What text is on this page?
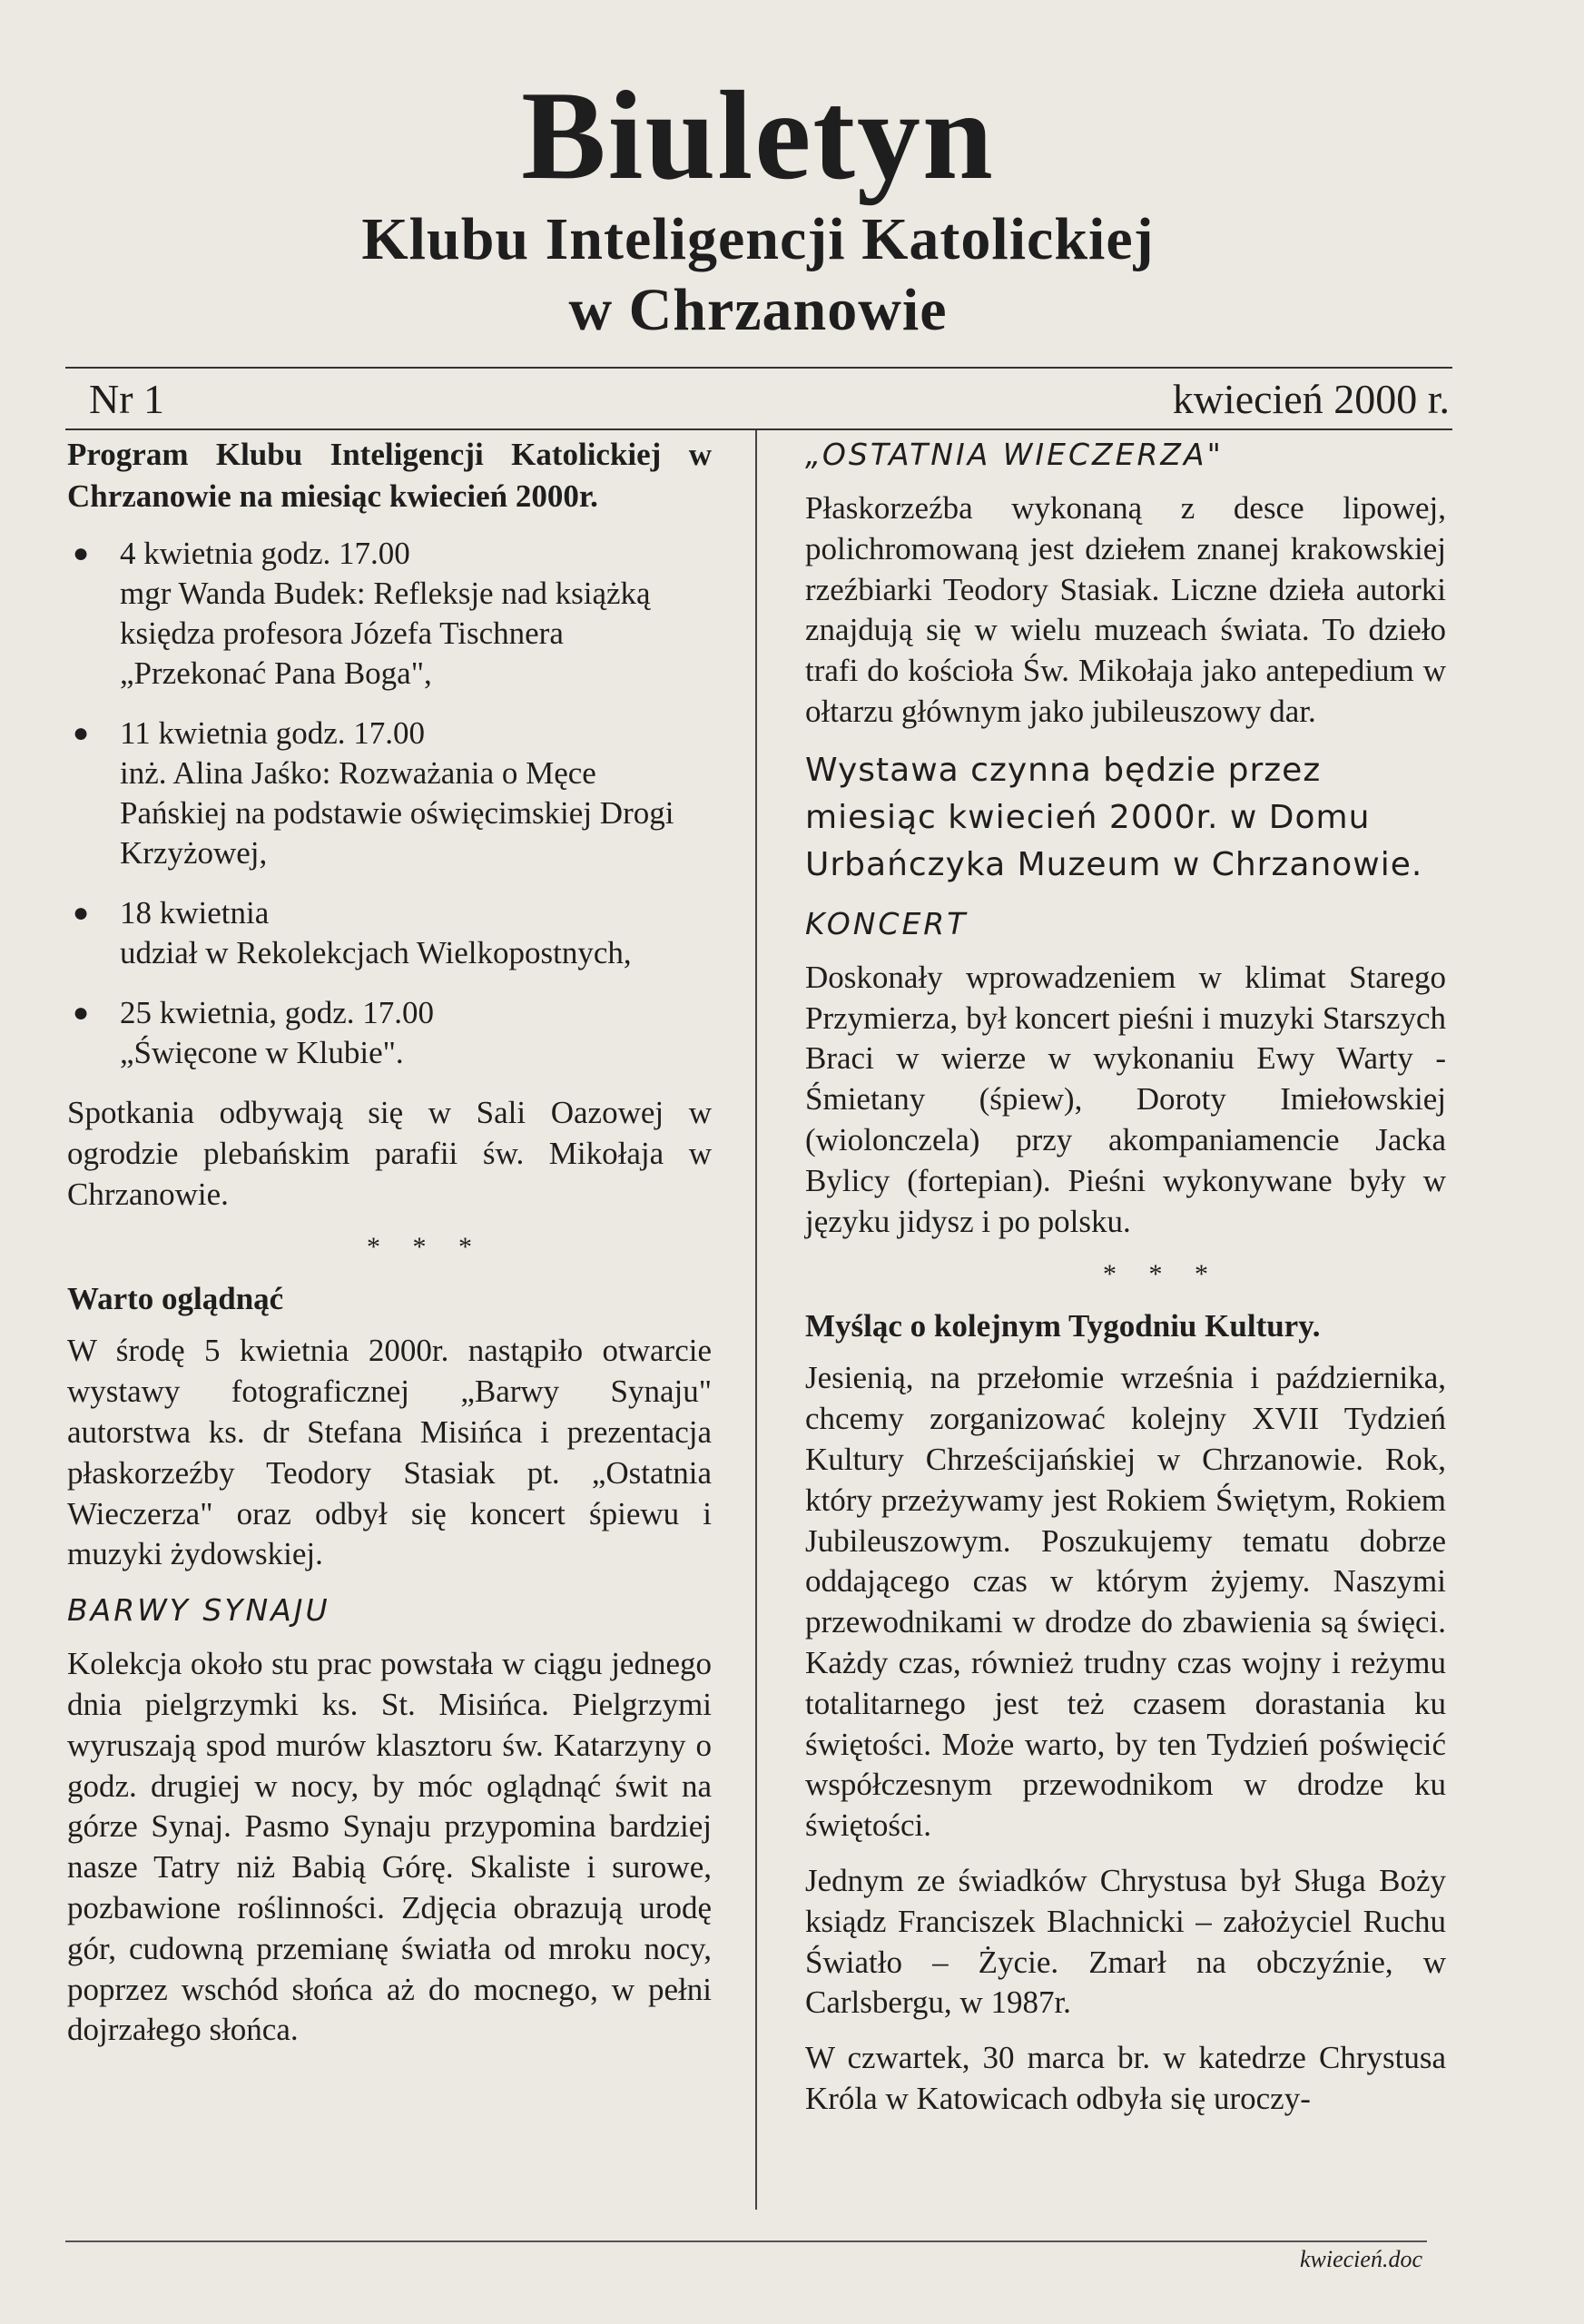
Biuletyn
Klubu Inteligencji Katolickiej
w Chrzanowie
Nr 1	kwiecień 2000 r.
Program Klubu Inteligencji Katolickiej w Chrzanowie na miesiąc kwiecień 2000r.
● 4 kwietnia godz. 17.00
mgr Wanda Budek: Refleksje nad książką księdza profesora Józefa Tischnera „Przekonać Pana Boga",
● 11 kwietnia godz. 17.00
inż. Alina Jaśko: Rozważania o Męce Pańskiej na podstawie oświęcimskiej Drogi Krzyżowej,
● 18 kwietnia
udział w Rekolekcjach Wielkopostnych,
● 25 kwietnia, godz. 17.00
„Święcone w Klubie".
Spotkania odbywają się w Sali Oazowej w ogrodzie plebańskim parafii św. Mikołaja w Chrzanowie.
* * *
Warto oglądnąć
W środę 5 kwietnia 2000r. nastąpiło otwarcie wystawy fotograficznej „Barwy Synaju" autorstwa ks. dr Stefana Misińca i prezentacja płaskorzeźby Teodory Stasiak pt. „Ostatnia Wieczerza" oraz odbył się koncert śpiewu i muzyki żydowskiej.
BARWY SYNAJU
Kolekcja około stu prac powstała w ciągu jednego dnia pielgrzymki ks. St. Misińca. Pielgrzymi wyruszają spod murów klasztoru św. Katarzyny o godz. drugiej w nocy, by móc oglądnąć świt na górze Synaj. Pasmo Synaju przypomina bardziej nasze Tatry niż Babią Górę. Skaliste i surowe, pozbawione roślinności. Zdjęcia obrazują urodę gór, cudowną przemianę światła od mroku nocy, poprzez wschód słońca aż do mocnego, w pełni dojrzałego słońca.
„OSTATNIA WIECZERZA"
Płaskorzeźba wykonaną z desce lipowej, polichromowaną jest dziełem znanej krakowskiej rzeźbiarki Teodory Stasiak. Liczne dzieła autorki znajdują się w wielu muzeach świata. To dzieło trafi do kościoła Św. Mikołaja jako antepedium w ołtarzu głównym jako jubileuszowy dar.
Wystawa czynna będzie przez miesiąc kwiecień 2000r. w Domu Urbańczyka Muzeum w Chrzanowie.
KONCERT
Doskonały wprowadzeniem w klimat Starego Przymierza, był koncert pieśni i muzyki Starszych Braci w wierze w wykonaniu Ewy Warty - Śmietany (śpiew), Doroty Imiełowskiej (wiolonczela) przy akompaniamencie Jacka Bylicy (fortepian). Pieśni wykonywane były w języku jidysz i po polsku.
* * *
Myśląc o kolejnym Tygodniu Kultury.
Jesienią, na przełomie września i października, chcemy zorganizować kolejny XVII Tydzień Kultury Chrześcijańskiej w Chrzanowie. Rok, który przeżywamy jest Rokiem Świętym, Rokiem Jubileuszowym. Poszukujemy tematu dobrze oddającego czas w którym żyjemy. Naszymi przewodnikami w drodze do zbawienia są święci. Każdy czas, również trudny czas wojny i reżymu totalitarnego jest też czasem dorastania ku świętości. Może warto, by ten Tydzień poświęcić współczesnym przewodnikom w drodze ku świętości.
Jednym ze świadków Chrystusa był Sługa Boży ksiądz Franciszek Blachnicki – założyciel Ruchu Światło – Życie. Zmarł na obczyźnie, w Carlsbergu, w 1987r.
W czwartek, 30 marca br. w katedrze Chrystusa Króla w Katowicach odbyła się uroczy-
kwiecień.doc
